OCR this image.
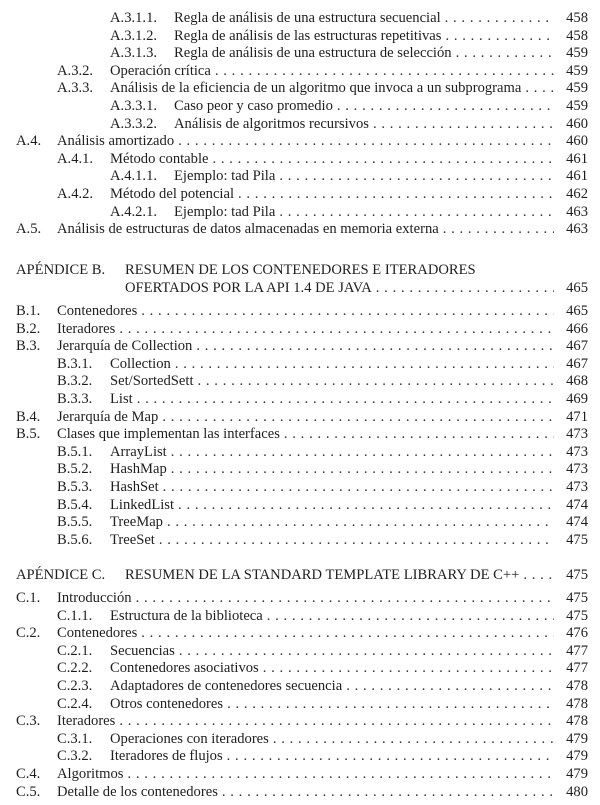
A.3.1.1. Regla de análisis de una estructura secuencial . . .	458
A.3.1.2. Regla de análisis de las estructuras repetitivas . . .	458
A.3.1.3. Regla de análisis de una estructura de selección . . .	459
A.3.2. Operación crítica . . .	459
A.3.3. Análisis de la eficiencia de un algoritmo que invoca a un subprograma . . .	459
A.3.3.1. Caso peor y caso promedio . . .	459
A.3.3.2. Análisis de algoritmos recursivos . . .	460
A.4. Análisis amortizado . . .	460
A.4.1. Método contable . . .	461
A.4.1.1. Ejemplo: tad Pila . . .	461
A.4.2. Método del potencial . . .	462
A.4.2.1. Ejemplo: tad Pila . . .	463
A.5. Análisis de estructuras de datos almacenadas en memoria externa . . .	463
APÉNDICE B. RESUMEN DE LOS CONTENEDORES E ITERADORES
OFERTADOS POR LA API 1.4 DE JAVA . . .	465
B.1. Contenedores . . .	465
B.2. Iteradores . . .	466
B.3. Jerarquía de Collection . . .	467
B.3.1. Collection . . .	467
B.3.2. Set/SortedSett . . .	468
B.3.3. List . . .	469
B.4. Jerarquía de Map . . .	471
B.5. Clases que implementan las interfaces . . .	473
B.5.1. ArrayList . . .	473
B.5.2. HashMap . . .	473
B.5.3. HashSet . . .	473
B.5.4. LinkedList . . .	474
B.5.5. TreeMap . . .	474
B.5.6. TreeSet . . .	475
APÉNDICE C. RESUMEN DE LA STANDARD TEMPLATE LIBRARY DE C++ . . .	475
C.1. Introducción . . .	475
C.1.1. Estructura de la biblioteca . . .	475
C.2. Contenedores . . .	476
C.2.1. Secuencias . . .	477
C.2.2. Contenedores asociativos . . .	477
C.2.3. Adaptadores de contenedores secuencia . . .	478
C.2.4. Otros contenedores . . .	478
C.3. Iteradores . . .	478
C.3.1. Operaciones con iteradores . . .	479
C.3.2. Iteradores de flujos . . .	479
C.4. Algoritmos . . .	479
C.5. Detalle de los contenedores . . .	480
